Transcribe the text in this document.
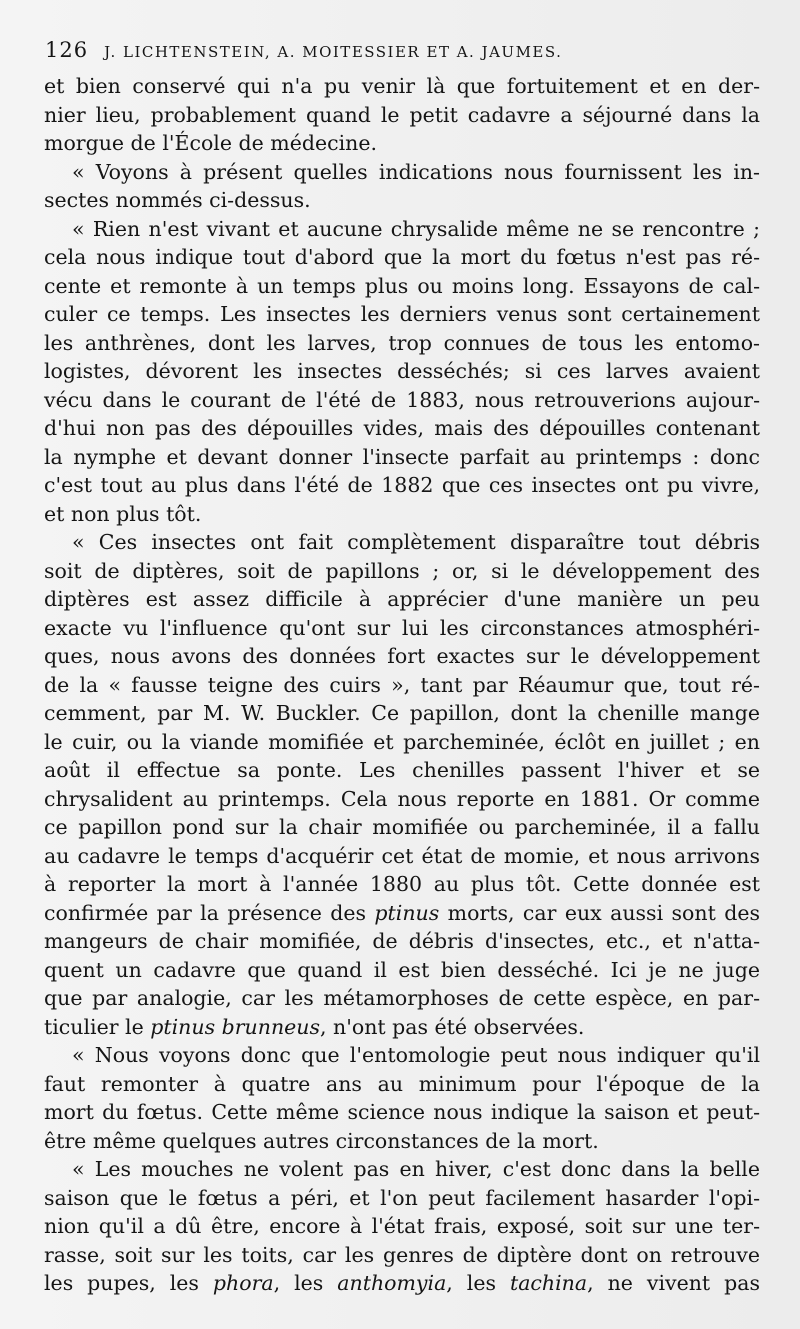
126 J. LICHTENSTEIN, A. MOITESSIER ET A. JAUMES.

et bien conservé qui n'a pu venir là que fortuitement et en der-
nier lieu, probablement quand le petit cadavre a séjourné dans la
morgue de l'École de médecine.

« Voyons à présent quelles indications nous fournissent les in-
sectes nommés ci-dessus.

« Rien n'est vivant et aucune chrysalide même ne se rencontre ;
cela nous indique tout d'abord que la mort du fœtus n'est pas ré-
cente et remonte à un temps plus ou moins long. Essayons de cal-
culer ce temps. Les insectes les derniers venus sont certainement
les anthrènes, dont les larves, trop connues de tous les entomo-
logistes, dévorent les insectes desséchés; si ces larves avaient
vécu dans le courant de l'été de 1883, nous retrouverions aujour-
d'hui non pas des dépouilles vides, mais des dépouilles contenant
la nymphe et devant donner l'insecte parfait au printemps : donc
c'est tout au plus dans l'été de 1882 que ces insectes ont pu vivre,
et non plus tôt.

« Ces insectes ont fait complètement disparaître tout débris
soit de diptères, soit de papillons ; or, si le développement des
diptères est assez difficile à apprécier d'une manière un peu
exacte vu l'influence qu'ont sur lui les circonstances atmosphéri-
ques, nous avons des données fort exactes sur le développement
de la « fausse teigne des cuirs », tant par Réaumur que, tout ré-
cemment, par M. W. Buckler. Ce papillon, dont la chenille mange
le cuir, ou la viande momifiée et parcheminée, éclôt en juillet ; en
août il effectue sa ponte. Les chenilles passent l'hiver et se
chrysalident au printemps. Cela nous reporte en 1881. Or comme
ce papillon pond sur la chair momifiée ou parcheminée, il a fallu
au cadavre le temps d'acquérir cet état de momie, et nous arrivons
à reporter la mort à l'année 1880 au plus tôt. Cette donnée est
confirmée par la présence des ptinus morts, car eux aussi sont des
mangeurs de chair momifiée, de débris d'insectes, etc., et n'atta-
quent un cadavre que quand il est bien desséché. Ici je ne juge
que par analogie, car les métamorphoses de cette espèce, en par-
ticulier le ptinus brunneus, n'ont pas été observées.

« Nous voyons donc que l'entomologie peut nous indiquer qu'il
faut remonter à quatre ans au minimum pour l'époque de la
mort du fœtus. Cette même science nous indique la saison et peut-
être même quelques autres circonstances de la mort.

« Les mouches ne volent pas en hiver, c'est donc dans la belle
saison que le fœtus a péri, et l'on peut facilement hasarder l'opi-
nion qu'il a dû être, encore à l'état frais, exposé, soit sur une ter-
rasse, soit sur les toits, car les genres de diptère dont on retrouve
les pupes, les phora, les anthomyia, les tachina, ne vivent pas
